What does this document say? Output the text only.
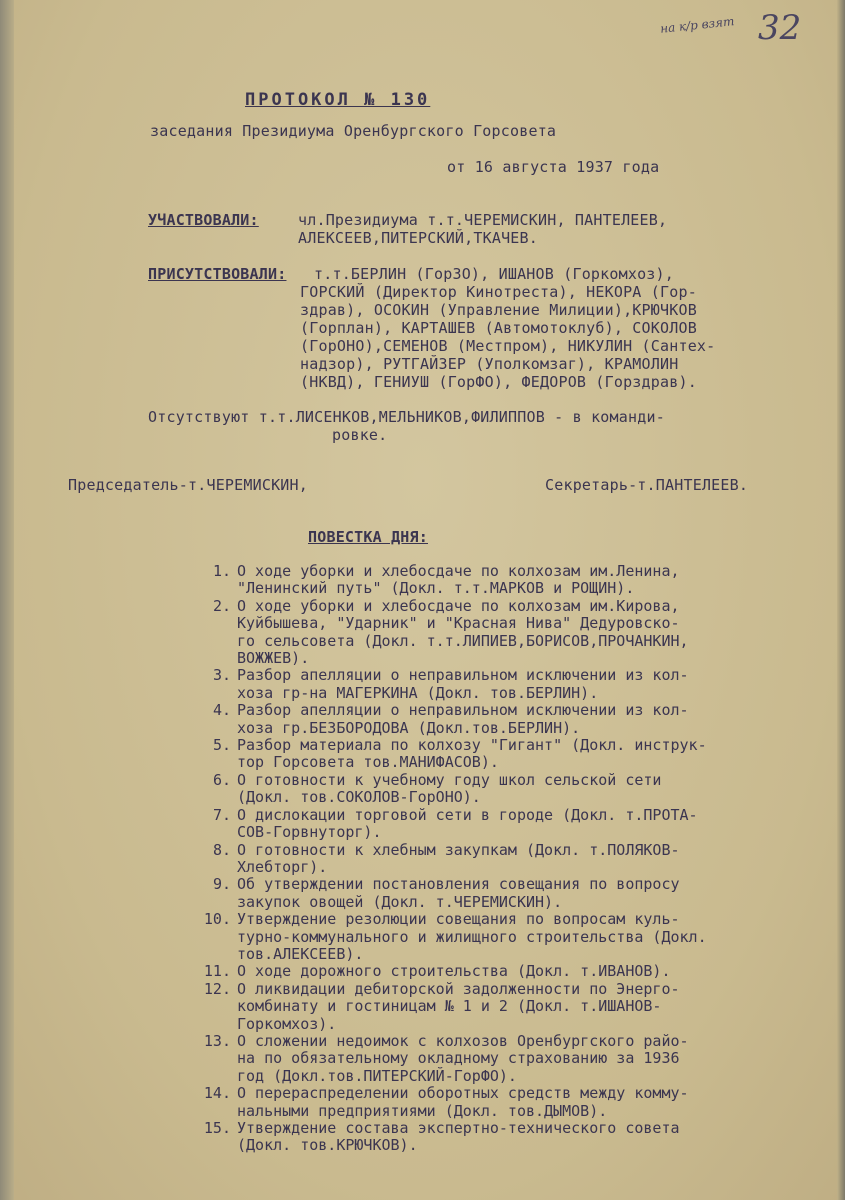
на к/р взят 32
ПРОТОКОЛ № 130
заседания Президиума Оренбургского Горсовета
от 16 августа 1937 года
УЧАСТВОВАЛИ:	чл.Президиума т.т.ЧЕРЕМИСКИН, ПАНТЕЛЕЕВ,
АЛЕКСЕЕВ,ПИТЕРСКИЙ,ТКАЧЕВ.
ПРИСУТСТВОВАЛИ: т.т.БЕРЛИН (ГорЗО), ИШАНОВ (Горкомхоз),
ГОРСКИЙ (Директор Кинотреста), НЕКОРА (Гор-
здрав), ОСОКИН (Управление Милиции),КРЮЧКОВ
(Горплан), КАРТАШЕВ (Автомотоклуб), СОКОЛОВ
(ГорОНО),СЕМЕНОВ (Местпром), НИКУЛИН (Сантех-
надзор), РУТГАЙЗЕР (Уполкомзаг), КРАМОЛИН
(НКВД), ГЕНИУШ (ГорФО), ФЕДОРОВ (Горздрав).
Отсутствуют т.т.ЛИСЕНКОВ,МЕЛЬНИКОВ,ФИЛИППОВ - в команди-
ровке.
Председатель-т.ЧЕРЕМИСКИН,	Секретарь-т.ПАНТЕЛЕЕВ.
ПОВЕСТКА ДНЯ:
1. О ходе уборки и хлебосдаче по колхозам им.Ленина,
"Ленинский путь" (Докл. т.т.МАРКОВ и РОЩИН).
2. О ходе уборки и хлебосдаче по колхозам им.Кирова,
Куйбышева, "Ударник" и "Красная Нива" Дедуровско-
го сельсовета (Докл. т.т.ЛИПИЕВ,БОРИСОВ,ПРОЧАНКИН,
ВОЖЖЕВ).
3. Разбор апелляции о неправильном исключении из кол-
хоза гр-на МАГЕРКИНА (Докл. тов.БЕРЛИН).
4. Разбор апелляции о неправильном исключении из кол-
хоза гр.БЕЗБОРОДОВА (Докл.тов.БЕРЛИН).
5. Разбор материала по колхозу "Гигант" (Докл. инструк-
тор Горсовета тов.МАНИФАСОВ).
6. О готовности к учебному году школ сельской сети
(Докл. тов.СОКОЛОВ-ГорОНО).
7. О дислокации торговой сети в городе (Докл. т.ПРОТА-
СОВ-Горвнуторг).
8. О готовности к хлебным закупкам (Докл. т.ПОЛЯКОВ-
Хлебторг).
9. Об утверждении постановления совещания по вопросу
закупок овощей (Докл. т.ЧЕРЕМИСКИН).
10. Утверждение резолюции совещания по вопросам куль-
турно-коммунального и жилищного строительства (Докл.
тов.АЛЕКСЕЕВ).
11. О ходе дорожного строительства (Докл. т.ИВАНОВ).
12. О ликвидации дебиторской задолженности по Энерго-
комбинату и гостиницам № 1 и 2 (Докл. т.ИШАНОВ-
Горкомхоз).
13. О сложении недоимок с колхозов Оренбургского райо-
на по обязательному окладному страхованию за 1936
год (Докл.тов.ПИТЕРСКИЙ-ГорФО).
14. О перераспределении оборотных средств между комму-
нальными предприятиями (Докл. тов.ДЫМОВ).
15. Утверждение состава экспертно-технического совета
(Докл. тов.КРЮЧКОВ).
